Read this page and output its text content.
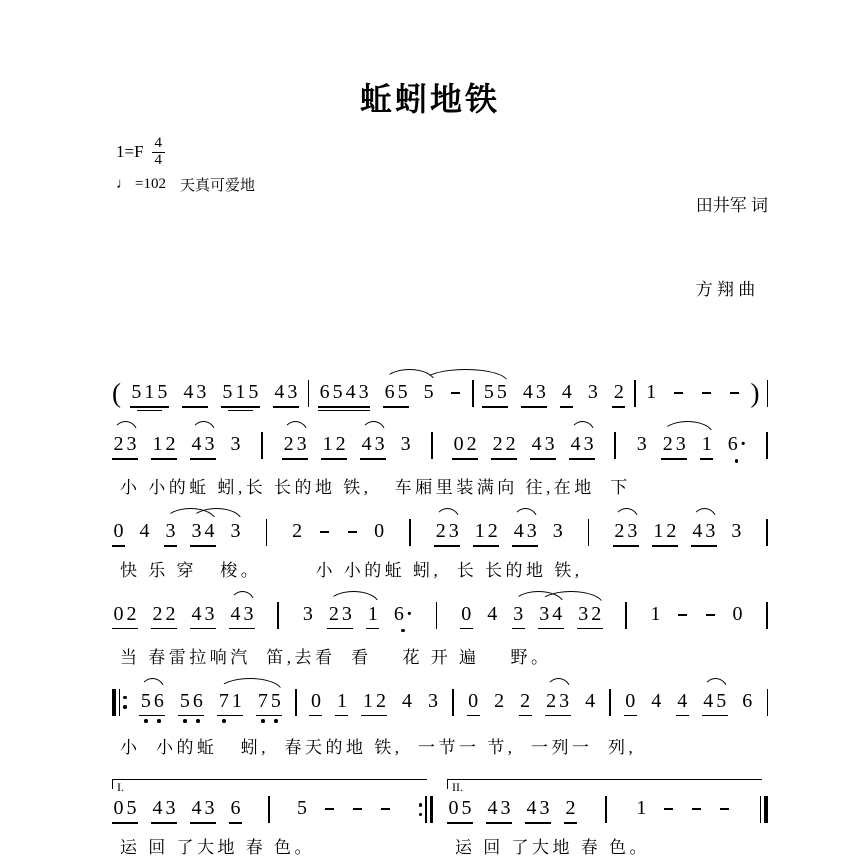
蚯蚓地铁
$1=F \frac{4}{4}$
♩ =102 天真可爱地

田井军 词

方 翔 曲

( 5 1 5 4 3 5 1 5 4 3 6 5 4 3 6 5 5	5 5 4 3 4 3 2 1	)
2 3 1 2 4 3 3 2 3 1 2 4 3 3 0 2 2 2 4 3 4 3 3 2 3 1 6 ·
小 小的蚯 蚓,长 长的地 铁,   车厢里装满向 往,在地  下
0 4 3 3 4 3	2	0	2 3 1 2 4 3 3	2 3 1 2 4 3 3
快 乐 穿   梭。       小 小的蚯 蚓,  长 长的地 铁,
0 2 2 2 4 3 4 3 3 2 3 1 6 · 0 4 3 3 4 3 2 1	0
当 春雷拉响汽  笛,去看  看    花 开 遍    野。
5 6 5 6 7 1 7 5 0 1 1 2 4 3 0 2 2 2 3 4 0 4 4 4 5 6
小  小的蚯   蚓,  春天的地 铁,  一节一 节,  一列一  列,
I.
0 5 4 3 4 3 6	5
运 回 了大地 春 色。
II.
0 5 4 3 4 3 2	1
运 回 了大地 春 色。
